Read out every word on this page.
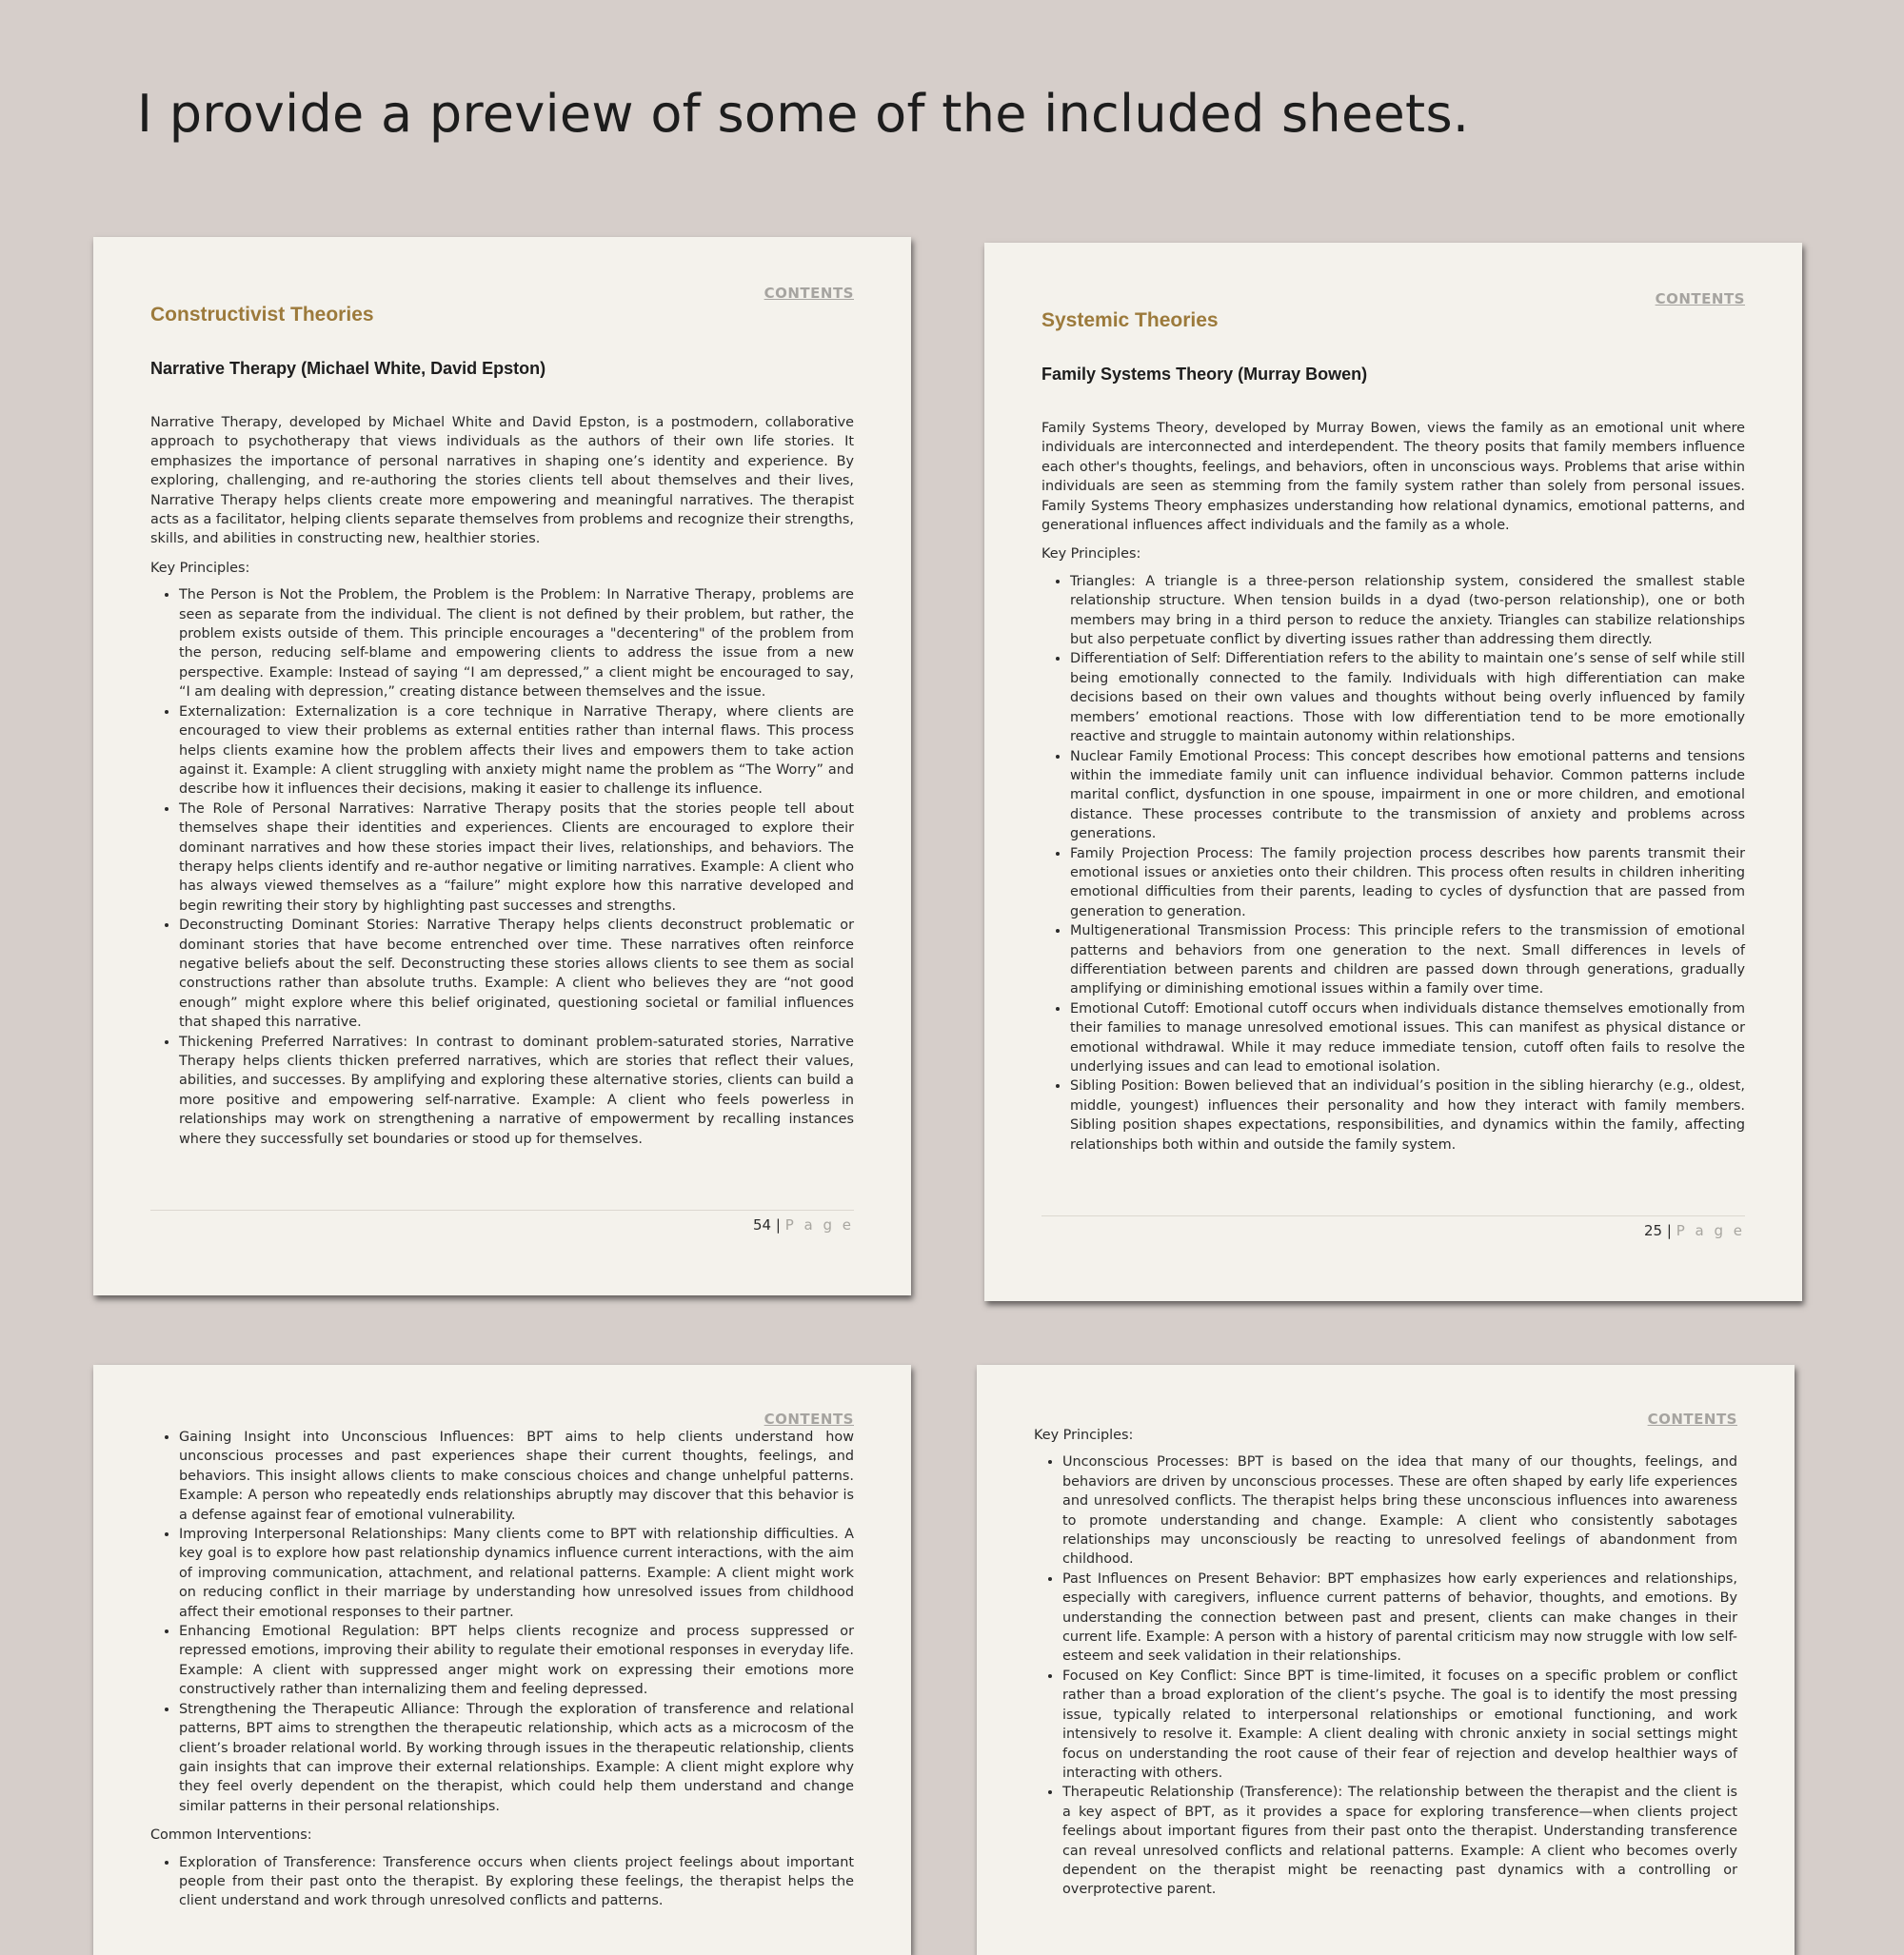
I provide a preview of some of the included sheets.
CONTENTS
Constructivist Theories
Narrative Therapy (Michael White, David Epston)

Narrative Therapy, developed by Michael White and David Epston, is a postmodern, collaborative approach to psychotherapy that views individuals as the authors of their own life stories. It emphasizes the importance of personal narratives in shaping one’s identity and experience. By exploring, challenging, and re-authoring the stories clients tell about themselves and their lives, Narrative Therapy helps clients create more empowering and meaningful narratives. The therapist acts as a facilitator, helping clients separate themselves from problems and recognize their strengths, skills, and abilities in constructing new, healthier stories.

Key Principles:

• The Person is Not the Problem, the Problem is the Problem: In Narrative Therapy, problems are seen as separate from the individual. The client is not defined by their problem, but rather, the problem exists outside of them. This principle encourages a "decentering" of the problem from the person, reducing self-blame and empowering clients to address the issue from a new perspective. Example: Instead of saying “I am depressed,” a client might be encouraged to say, “I am dealing with depression,” creating distance between themselves and the issue.
• Externalization: Externalization is a core technique in Narrative Therapy, where clients are encouraged to view their problems as external entities rather than internal flaws. This process helps clients examine how the problem affects their lives and empowers them to take action against it. Example: A client struggling with anxiety might name the problem as “The Worry” and describe how it influences their decisions, making it easier to challenge its influence.
• The Role of Personal Narratives: Narrative Therapy posits that the stories people tell about themselves shape their identities and experiences. Clients are encouraged to explore their dominant narratives and how these stories impact their lives, relationships, and behaviors. The therapy helps clients identify and re-author negative or limiting narratives. Example: A client who has always viewed themselves as a “failure” might explore how this narrative developed and begin rewriting their story by highlighting past successes and strengths.
• Deconstructing Dominant Stories: Narrative Therapy helps clients deconstruct problematic or dominant stories that have become entrenched over time. These narratives often reinforce negative beliefs about the self. Deconstructing these stories allows clients to see them as social constructions rather than absolute truths. Example: A client who believes they are “not good enough” might explore where this belief originated, questioning societal or familial influences that shaped this narrative.
• Thickening Preferred Narratives: In contrast to dominant problem-saturated stories, Narrative Therapy helps clients thicken preferred narratives, which are stories that reflect their values, abilities, and successes. By amplifying and exploring these alternative stories, clients can build a more positive and empowering self-narrative. Example: A client who feels powerless in relationships may work on strengthening a narrative of empowerment by recalling instances where they successfully set boundaries or stood up for themselves.
54 | P a g e
CONTENTS
Systemic Theories
Family Systems Theory (Murray Bowen)

Family Systems Theory, developed by Murray Bowen, views the family as an emotional unit where individuals are interconnected and interdependent. The theory posits that family members influence each other's thoughts, feelings, and behaviors, often in unconscious ways. Problems that arise within individuals are seen as stemming from the family system rather than solely from personal issues. Family Systems Theory emphasizes understanding how relational dynamics, emotional patterns, and generational influences affect individuals and the family as a whole.

Key Principles:

• Triangles: A triangle is a three-person relationship system, considered the smallest stable relationship structure. When tension builds in a dyad (two-person relationship), one or both members may bring in a third person to reduce the anxiety. Triangles can stabilize relationships but also perpetuate conflict by diverting issues rather than addressing them directly.
• Differentiation of Self: Differentiation refers to the ability to maintain one’s sense of self while still being emotionally connected to the family. Individuals with high differentiation can make decisions based on their own values and thoughts without being overly influenced by family members’ emotional reactions. Those with low differentiation tend to be more emotionally reactive and struggle to maintain autonomy within relationships.
• Nuclear Family Emotional Process: This concept describes how emotional patterns and tensions within the immediate family unit can influence individual behavior. Common patterns include marital conflict, dysfunction in one spouse, impairment in one or more children, and emotional distance. These processes contribute to the transmission of anxiety and problems across generations.
• Family Projection Process: The family projection process describes how parents transmit their emotional issues or anxieties onto their children. This process often results in children inheriting emotional difficulties from their parents, leading to cycles of dysfunction that are passed from generation to generation.
• Multigenerational Transmission Process: This principle refers to the transmission of emotional patterns and behaviors from one generation to the next. Small differences in levels of differentiation between parents and children are passed down through generations, gradually amplifying or diminishing emotional issues within a family over time.
• Emotional Cutoff: Emotional cutoff occurs when individuals distance themselves emotionally from their families to manage unresolved emotional issues. This can manifest as physical distance or emotional withdrawal. While it may reduce immediate tension, cutoff often fails to resolve the underlying issues and can lead to emotional isolation.
• Sibling Position: Bowen believed that an individual’s position in the sibling hierarchy (e.g., oldest, middle, youngest) influences their personality and how they interact with family members. Sibling position shapes expectations, responsibilities, and dynamics within the family, affecting relationships both within and outside the family system.
25 | P a g e
CONTENTS
• Gaining Insight into Unconscious Influences: BPT aims to help clients understand how unconscious processes and past experiences shape their current thoughts, feelings, and behaviors. This insight allows clients to make conscious choices and change unhelpful patterns. Example: A person who repeatedly ends relationships abruptly may discover that this behavior is a defense against fear of emotional vulnerability.
• Improving Interpersonal Relationships: Many clients come to BPT with relationship difficulties. A key goal is to explore how past relationship dynamics influence current interactions, with the aim of improving communication, attachment, and relational patterns. Example: A client might work on reducing conflict in their marriage by understanding how unresolved issues from childhood affect their emotional responses to their partner.
• Enhancing Emotional Regulation: BPT helps clients recognize and process suppressed or repressed emotions, improving their ability to regulate their emotional responses in everyday life. Example: A client with suppressed anger might work on expressing their emotions more constructively rather than internalizing them and feeling depressed.
• Strengthening the Therapeutic Alliance: Through the exploration of transference and relational patterns, BPT aims to strengthen the therapeutic relationship, which acts as a microcosm of the client’s broader relational world. By working through issues in the therapeutic relationship, clients gain insights that can improve their external relationships. Example: A client might explore why they feel overly dependent on the therapist, which could help them understand and change similar patterns in their personal relationships.

Common Interventions:

• Exploration of Transference: Transference occurs when clients project feelings about important people from their past onto the therapist. By exploring these feelings, the therapist helps the client understand and work through unresolved conflicts and patterns.
CONTENTS

Key Principles:

• Unconscious Processes: BPT is based on the idea that many of our thoughts, feelings, and behaviors are driven by unconscious processes. These are often shaped by early life experiences and unresolved conflicts. The therapist helps bring these unconscious influences into awareness to promote understanding and change. Example: A client who consistently sabotages relationships may unconsciously be reacting to unresolved feelings of abandonment from childhood.
• Past Influences on Present Behavior: BPT emphasizes how early experiences and relationships, especially with caregivers, influence current patterns of behavior, thoughts, and emotions. By understanding the connection between past and present, clients can make changes in their current life. Example: A person with a history of parental criticism may now struggle with low self-esteem and seek validation in their relationships.
• Focused on Key Conflict: Since BPT is time-limited, it focuses on a specific problem or conflict rather than a broad exploration of the client’s psyche. The goal is to identify the most pressing issue, typically related to interpersonal relationships or emotional functioning, and work intensively to resolve it. Example: A client dealing with chronic anxiety in social settings might focus on understanding the root cause of their fear of rejection and develop healthier ways of interacting with others.
• Therapeutic Relationship (Transference): The relationship between the therapist and the client is a key aspect of BPT, as it provides a space for exploring transference—when clients project feelings about important figures from their past onto the therapist. Understanding transference can reveal unresolved conflicts and relational patterns. Example: A client who becomes overly dependent on the therapist might be reenacting past dynamics with a controlling or overprotective parent.
